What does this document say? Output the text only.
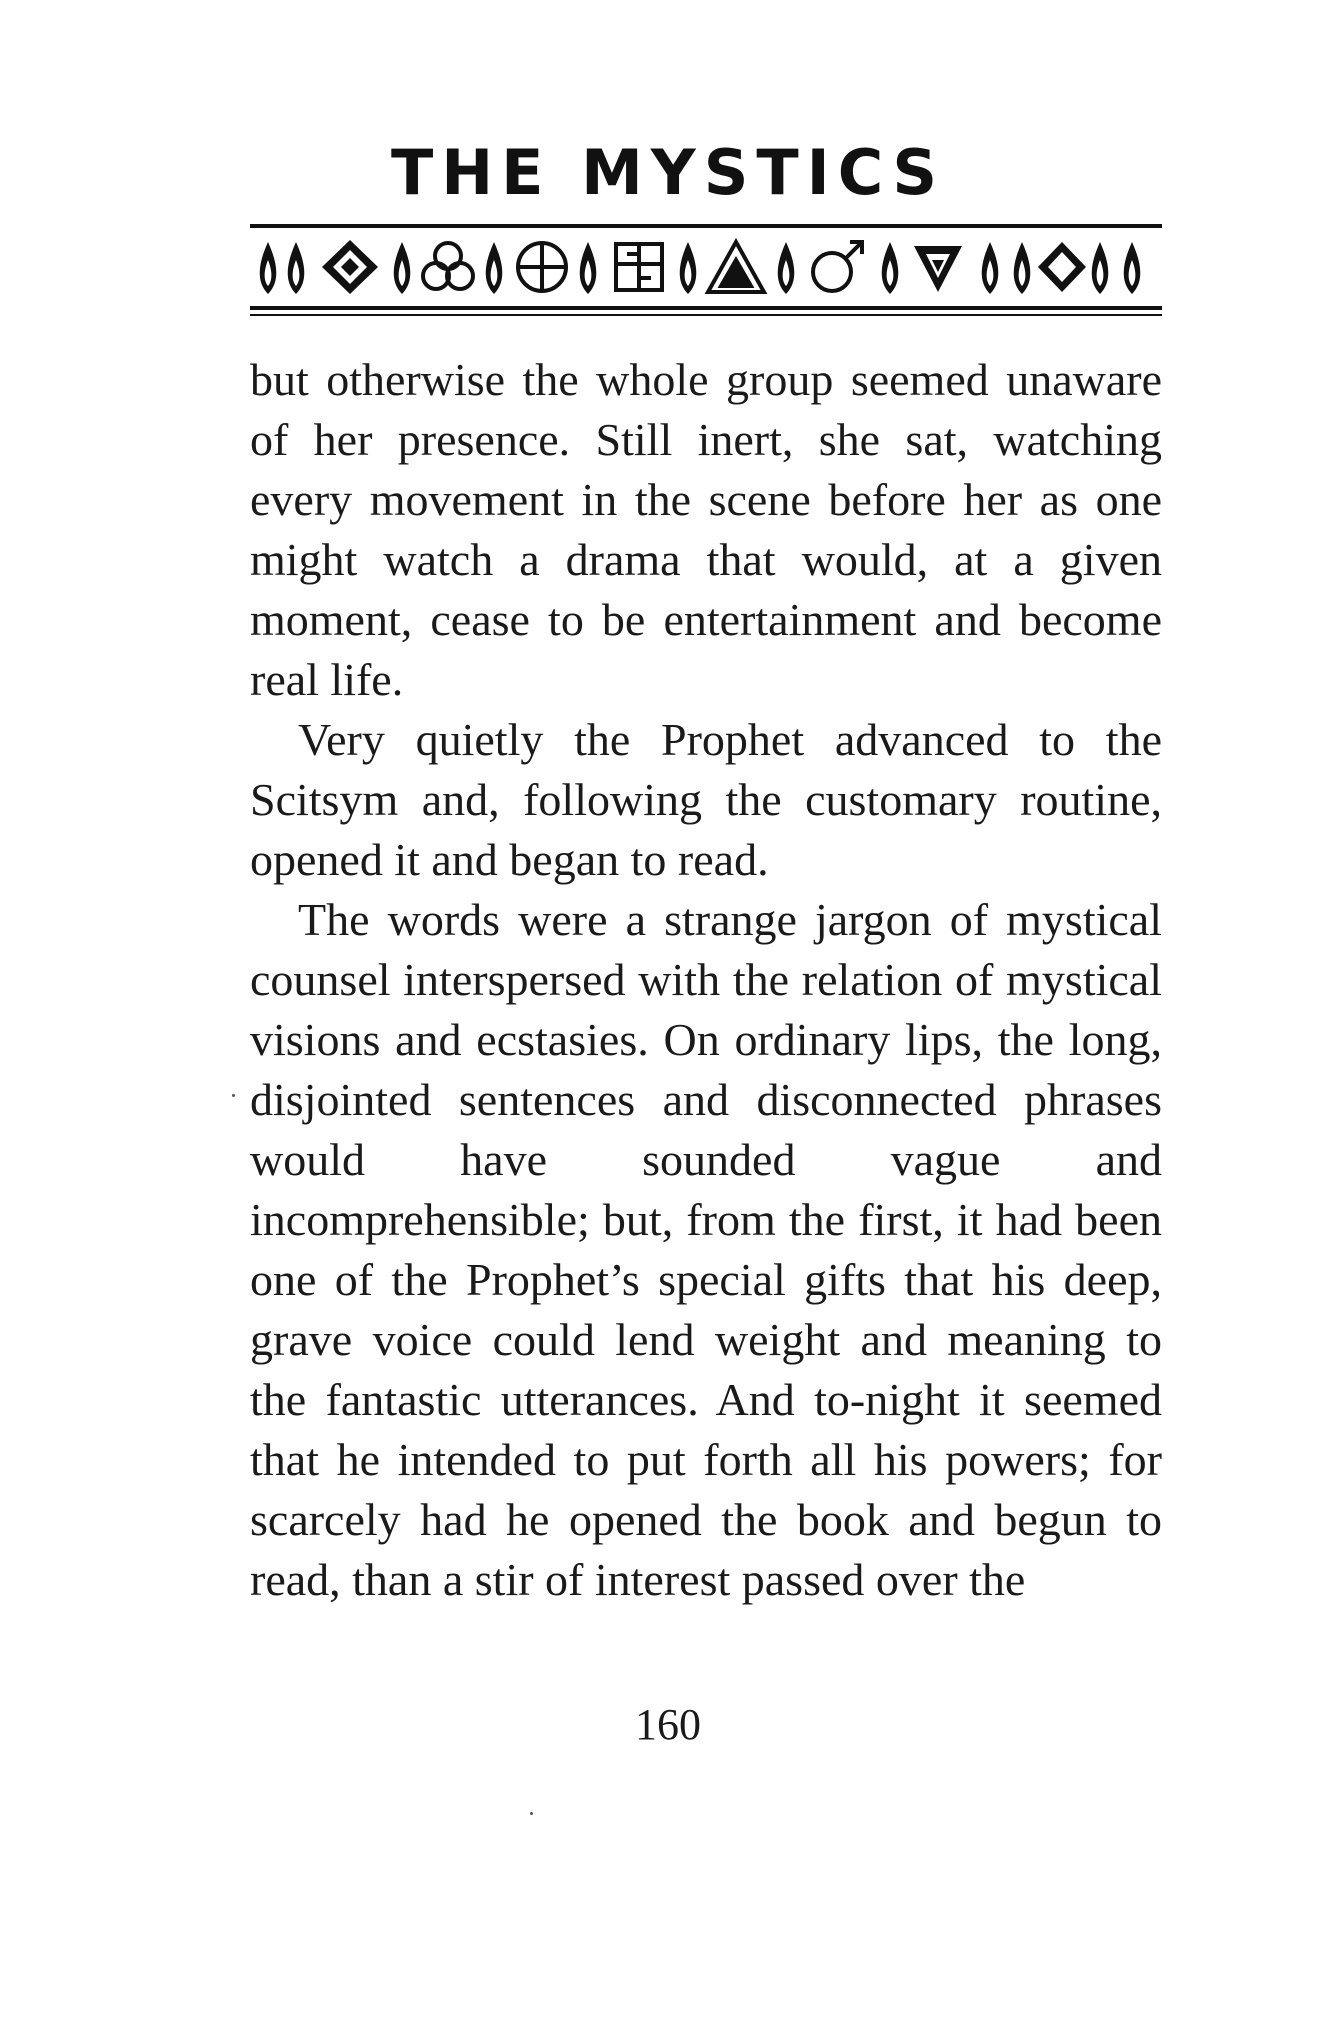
THE MYSTICS

but otherwise the whole group seemed unaware of her presence. Still inert, she sat, watching every movement in the scene before her as one might watch a drama that would, at a given moment, cease to be entertainment and become real life.

Very quietly the Prophet advanced to the Scitsym and, following the customary routine, opened it and began to read.

The words were a strange jargon of mystical counsel interspersed with the relation of mystical visions and ecstasies. On ordinary lips, the long, disjointed sentences and disconnected phrases would have sounded vague and incomprehensible; but, from the first, it had been one of the Prophet’s special gifts that his deep, grave voice could lend weight and meaning to the fantastic utterances. And to-night it seemed that he intended to put forth all his powers; for scarcely had he opened the book and begun to read, than a stir of interest passed over the

160
